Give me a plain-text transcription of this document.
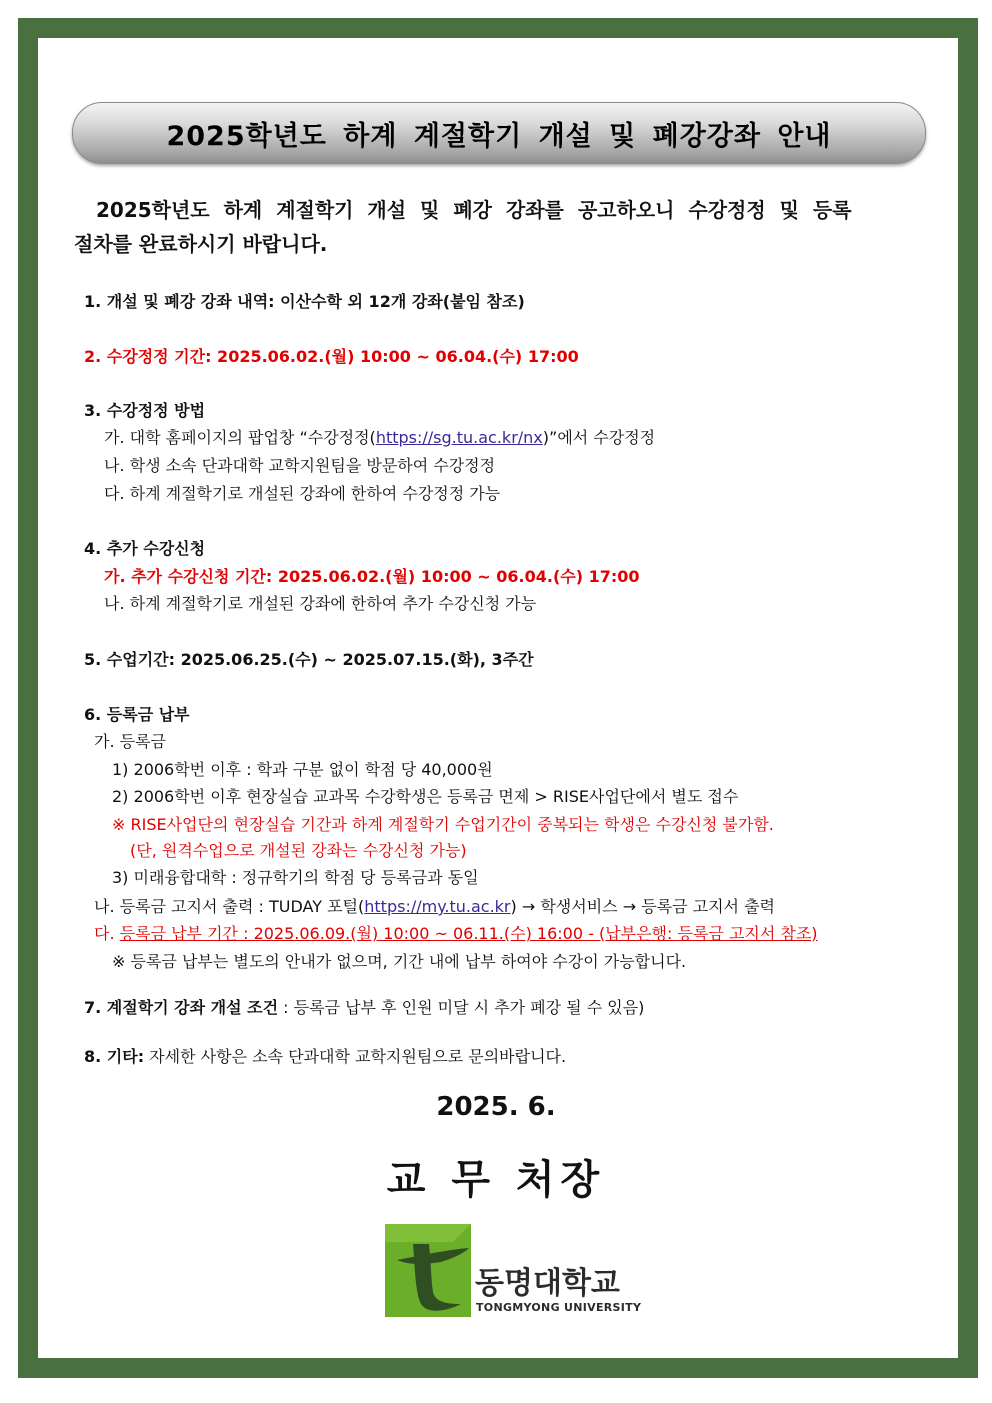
2025학년도 하계 계절학기 개설 및 폐강강좌 안내
2025학년도 하계 계절학기 개설 및 폐강 강좌를 공고하오니 수강정정 및 등록
절차를 완료하시기 바랍니다.
1. 개설 및 폐강 강좌 내역: 이산수학 외 12개 강좌(붙임 참조)
2. 수강정정 기간: 2025.06.02.(월) 10:00 ~ 06.04.(수) 17:00
3. 수강정정 방법
가. 대학 홈페이지의 팝업창 “수강정정(https://sg.tu.ac.kr/nx)”에서 수강정정
나. 학생 소속 단과대학 교학지원팀을 방문하여 수강정정
다. 하계 계절학기로 개설된 강좌에 한하여 수강정정 가능
4. 추가 수강신청
가. 추가 수강신청 기간: 2025.06.02.(월) 10:00 ~ 06.04.(수) 17:00
나. 하계 계절학기로 개설된 강좌에 한하여 추가 수강신청 가능
5. 수업기간: 2025.06.25.(수) ~ 2025.07.15.(화), 3주간
6. 등록금 납부
가. 등록금
1) 2006학번 이후 : 학과 구분 없이 학점 당 40,000원
2) 2006학번 이후 현장실습 교과목 수강학생은 등록금 면제 > RISE사업단에서 별도 접수
※ RISE사업단의 현장실습 기간과 하계 계절학기 수업기간이 중복되는 학생은 수강신청 불가함.
(단, 원격수업으로 개설된 강좌는 수강신청 가능)
3) 미래융합대학 : 정규학기의 학점 당 등록금과 동일
나. 등록금 고지서 출력 : TUDAY 포털(https://my.tu.ac.kr) → 학생서비스 → 등록금 고지서 출력
다. 등록금 납부 기간 : 2025.06.09.(월) 10:00 ~ 06.11.(수) 16:00 - (납부은행: 등록금 고지서 참조)
※ 등록금 납부는 별도의 안내가 없으며, 기간 내에 납부 하여야 수강이 가능합니다.
7. 계절학기 강좌 개설 조건 : 등록금 납부 후 인원 미달 시 추가 폐강 될 수 있음)
8. 기타: 자세한 사항은 소속 단과대학 교학지원팀으로 문의바랍니다.
2025. 6.
교 무 처장
동명대학교
TONGMYONG UNIVERSITY
